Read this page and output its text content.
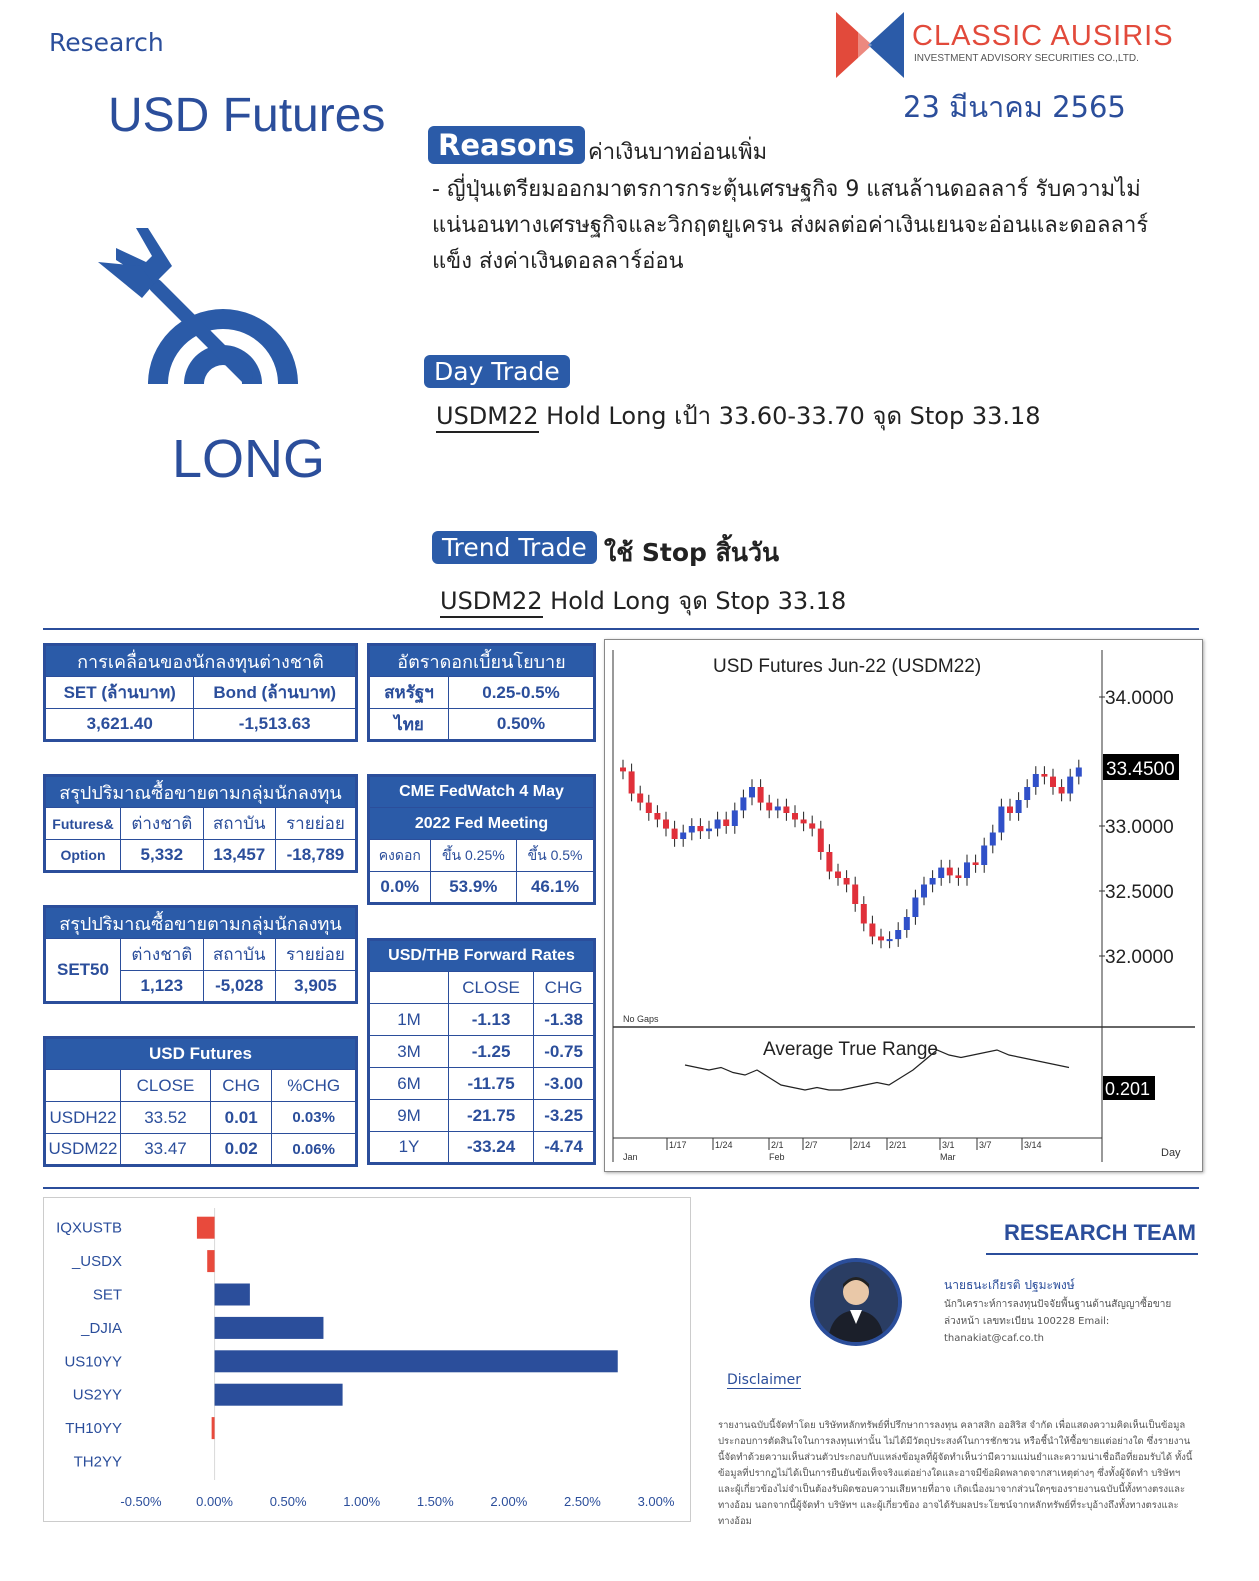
Research
USD Futures
LONG
CLASSIC AUSIRIS
INVESTMENT ADVISORY SECURITIES CO.,LTD.
23 มีนาคม 2565
Reasons ค่าเงินบาทอ่อนเพิ่ม
- ญี่ปุ่นเตรียมออกมาตรการกระตุ้นเศรษฐกิจ 9 แสนล้านดอลลาร์ รับความไม่แน่นอนทางเศรษฐกิจและวิกฤตยูเครน ส่งผลต่อค่าเงินเยนจะอ่อนและดอลลาร์แข็ง ส่งค่าเงินดอลลาร์อ่อน
Day Trade
USDM22 Hold Long เป้า 33.60-33.70 จุด Stop 33.18
Trend Trade ใช้ Stop สิ้นวัน
USDM22 Hold Long จุด Stop 33.18
การเคลื่อนของนักลงทุนต่างชาติ	
SET (ล้านบาท)	Bond (ล้านบาท)
3,621.40	-1,513.63
อัตราดอกเบี้ยนโยบาย	
สหรัฐฯ	0.25-0.5%
ไทย	0.50%
สรุปปริมาณซื้อขายตามกลุ่มนักลงทุน			
Futures&	ต่างชาติ	สถาบัน	รายย่อย
Option	5,332	13,457	-18,789
CME FedWatch 4 May		
2022 Fed Meeting		
คงดอก	ขึ้น 0.25%	ขึ้น 0.5%
0.0%	53.9%	46.1%
สรุปปริมาณซื้อขายตามกลุ่มนักลงทุน			
SET50	ต่างชาติ	สถาบัน	รายย่อย
	1,123	-5,028	3,905
USD Futures			
	CLOSE	CHG	%CHG
USDH22	33.52	0.01	0.03%
USDM22	33.47	0.02	0.06%
USD/THB Forward Rates		
	CLOSE	CHG
1M	-1.13	-1.38
3M	-1.25	-0.75
6M	-11.75	-3.00
9M	-21.75	-3.25
1Y	-33.24	-4.74
USD Futures Jun-22 (USDM22)
34.0000
33.0000
32.5000
32.0000
33.4500
No Gaps
Average True Range
0.201
1/17	1/24	2/1 2/7	2/14 2/21	3/1	3/7	3/14
Jan	Feb	Mar	Day
IQXUSTB
_USDX
SET
_DJIA
US10YY
US2YY
TH10YY
TH2YY
-0.50%	0.00%	0.50%	1.00%	1.50%	2.00%	2.50%	3.00%
RESEARCH TEAM
นายธนะเกียรติ ปฐมะพงษ์
นักวิเคราะห์การลงทุนปัจจัยพื้นฐานด้านสัญญาซื้อขายล่วงหน้า เลขทะเบียน 100228 Email: thanakiat@caf.co.th
Disclaimer
รายงานฉบับนี้จัดทำโดย บริษัทหลักทรัพย์ที่ปรึกษาการลงทุน คลาสสิก ออสิริส จำกัด เพื่อแสดงความคิดเห็นเป็นข้อมูลประกอบการตัดสินใจในการลงทุนเท่านั้น ไม่ได้มีวัตถุประสงค์ในการชักชวน หรือชี้นำให้ซื้อขายแต่อย่างใด ซึ่งรายงานนี้จัดทำด้วยความเห็นส่วนตัวประกอบกับแหล่งข้อมูลที่ผู้จัดทำเห็นว่ามีความแม่นยำและความน่าเชื่อถือที่ยอมรับได้ ทั้งนี้ข้อมูลที่ปรากฏไม่ได้เป็นการยืนยันข้อเท็จจริงแต่อย่างใดและอาจมีข้อผิดพลาดจากสาเหตุต่างๆ ซึ่งทั้งผู้จัดทำ บริษัทฯ และผู้เกี่ยวข้องไม่จำเป็นต้องรับผิดชอบความเสียหายที่อาจ เกิดเนื่องมาจากส่วนใดๆของรายงานฉบับนี้ทั้งทางตรงและทางอ้อม นอกจากนี้ผู้จัดทำ บริษัทฯ และผู้เกี่ยวข้อง อาจได้รับผลประโยชน์จากหลักทรัพย์ที่ระบุอ้างถึงทั้งทางตรงและทางอ้อม
